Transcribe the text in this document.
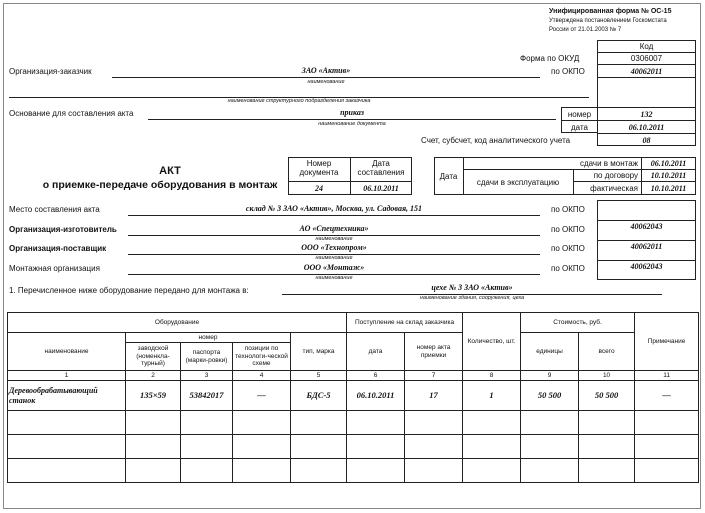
Унифицированная форма № ОС-15
Утверждена постановлением Госкомстата
России от 21.01.2003 № 7
Код
Форма по ОКУД	0306007
по ОКПО	40062011
номер	132
дата	06.10.2011
Счет, субсчет, код аналитического учета	08
Организация-заказчик	ЗАО «Актив»
наименование
наименование структурного подразделения заказчика
Основание для составления акта	приказ
наименование документа
АКТ
о приемке-передаче оборудования в монтаж
Номер документа
Дата составления
24	06.10.2011
Дата
сдачи в монтаж	06.10.2011
сдачи в эксплуатацию
по договору	10.10.2011
фактическая	10.10.2011
Место составления акта	склад № 3 ЗАО «Актив», Москва, ул. Садовая, 151	по ОКПО
Организация-изготовитель	АО «Спецтехника»
наименование
по ОКПО	40062043
Организация-поставщик	ООО «Технопром»
наименование
по ОКПО	40062011
Монтажная организация	ООО «Монтаж»
наименование
по ОКПО	40062043
1. Перечисленное ниже оборудование передано для монтажа в:	цехе № 3 ЗАО «Актив»
наименование здания, сооружения, цеха
Оборудование					Поступление на склад заказчика		Количество, шт.	Стоимость, руб.		Примечание
наименование	номер			тип, марка	дата	номер акта приемки		единицы	всего	
	заводской (номенкла-турный)	паспорта (марки-ровки)	позиции по технологи-ческой схеме							
1	2	3	4	5	6	7	8	9	10	11
Деревообрабатывающий станок	135×59	53842017	—	БДС-5	06.10.2011	17	1	50 500	50 500	—
